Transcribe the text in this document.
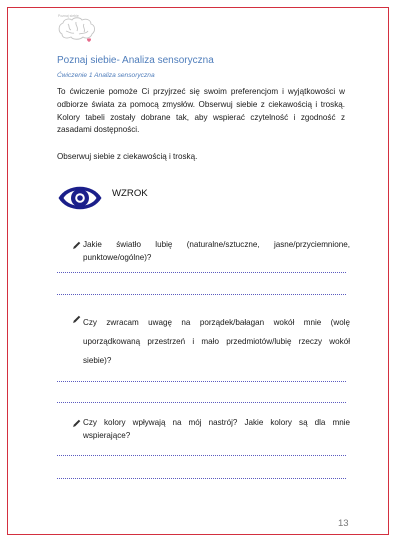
Poznaj siebie
Poznaj siebie- Analiza sensoryczna
Ćwiczenie 1 Analiza sensoryczna

To ćwiczenie pomoże Ci przyjrzeć się swoim preferencjom i wyjątkowości w odbiorze świata za pomocą zmysłów. Obserwuj siebie z ciekawością i troską. Kolory tabeli zostały dobrane tak, aby wspierać czytelność i zgodność z zasadami dostępności.

Obserwuj siebie z ciekawością i troską.
WZROK

Jakie światło lubię (naturalne/sztuczne, jasne/przyciemnione, punktowe/ogólne)?

Czy zwracam uwagę na porządek/bałagan wokół mnie (wolę uporządkowaną przestrzeń i mało przedmiotów/lubię rzeczy wokół siebie)?

Czy kolory wpływają na mój nastrój? Jakie kolory są dla mnie wspierające?

13
